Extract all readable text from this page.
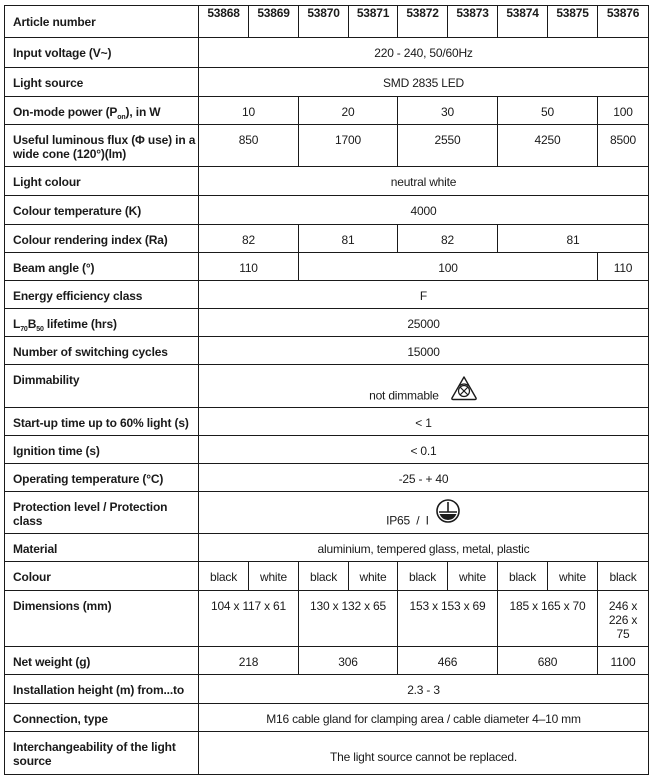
Article number	53868	53869	53870	53871	53872	53873	53874	53875	53876
Input voltage (V~)	220 - 240, 50/60Hz								
Light source	SMD 2835 LED								
On-mode power $(P_{on})$, in W	10		20		30		50		100
Useful luminous flux (Φ use) in a wide cone (120°)(lm)	850		1700		2550		4250		8500
Light colour	neutral white								
Colour temperature (K)	4000								
Colour rendering index (Ra)	82		81		82		81		
Beam angle (°)	110		100						110
Energy efficiency class	F								
$L_{70}B_{50}$ lifetime (hrs)	25000								
Number of switching cycles	15000								
Dimmability	not dimmable								
Start-up time up to 60% light (s)	< 1								
Ignition time (s)	< 0.1								
Operating temperature (°C)	-25 - + 40								
Protection level / Protection class	IP65  /  I								
Material	aluminium, tempered glass, metal, plastic								
Colour	black	white	black	white	black	white	black	white	black
Dimensions (mm)	104 x 117 x 61		130 x 132 x 65		153 x 153 x 69		185 x 165 x 70		246 x 226 x 75
Net weight (g)	218		306		466		680		1100
Installation height (m) from...to	2.3 - 3								
Connection, type	M16 cable gland for clamping area / cable diameter 4–10 mm								
Interchangeability of the light source	The light source cannot be replaced.								
